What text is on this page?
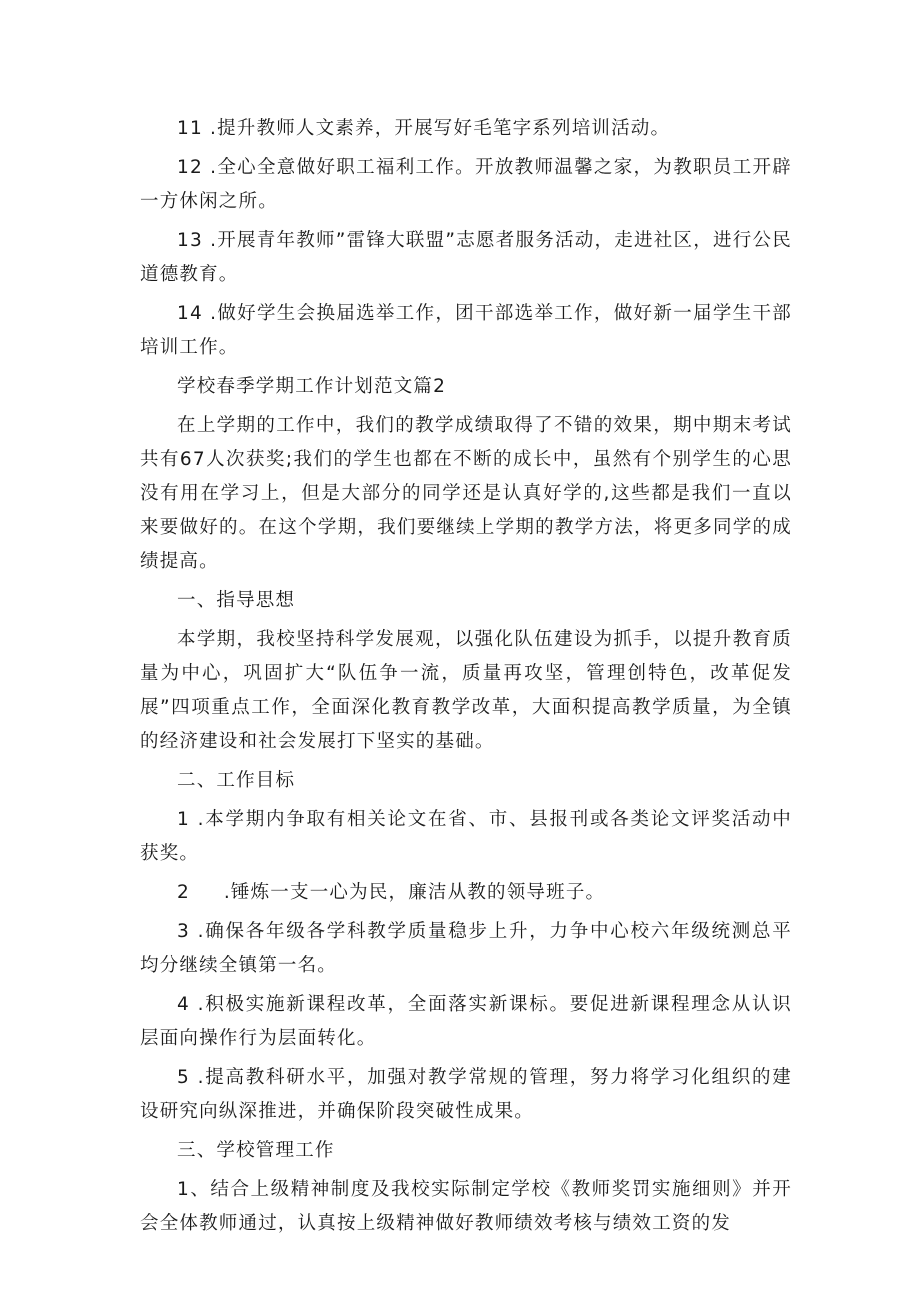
11 .提升教师人文素养，开展写好毛笔字系列培训活动。

12 .全心全意做好职工福利工作。开放教师温馨之家，为教职员工开辟一方休闲之所。

13 .开展青年教师”雷锋大联盟”志愿者服务活动，走进社区，进行公民道德教育。

14 .做好学生会换届选举工作，团干部选举工作，做好新一届学生干部培训工作。

学校春季学期工作计划范文篇2

在上学期的工作中，我们的教学成绩取得了不错的效果，期中期末考试共有67人次获奖;我们的学生也都在不断的成长中，虽然有个别学生的心思没有用在学习上，但是大部分的同学还是认真好学的,这些都是我们一直以来要做好的。在这个学期，我们要继续上学期的教学方法，将更多同学的成绩提高。

一、指导思想

本学期，我校坚持科学发展观，以强化队伍建设为抓手，以提升教育质量为中心，巩固扩大“队伍争一流，质量再攻坚，管理创特色，改革促发展”四项重点工作，全面深化教育教学改革，大面积提高教学质量，为全镇的经济建设和社会发展打下坚实的基础。

二、工作目标

1 .本学期内争取有相关论文在省、市、县报刊或各类论文评奖活动中获奖。

2 　 .锤炼一支一心为民，廉洁从教的领导班子。

3 .确保各年级各学科教学质量稳步上升，力争中心校六年级统测总平均分继续全镇第一名。

4 .积极实施新课程改革，全面落实新课标。要促进新课程理念从认识层面向操作行为层面转化。

5 .提高教科研水平，加强对教学常规的管理，努力将学习化组织的建设研究向纵深推进，并确保阶段突破性成果。

三、学校管理工作

1、结合上级精神制度及我校实际制定学校《教师奖罚实施细则》并开会全体教师通过，认真按上级精神做好教师绩效考核与绩效工资的发
